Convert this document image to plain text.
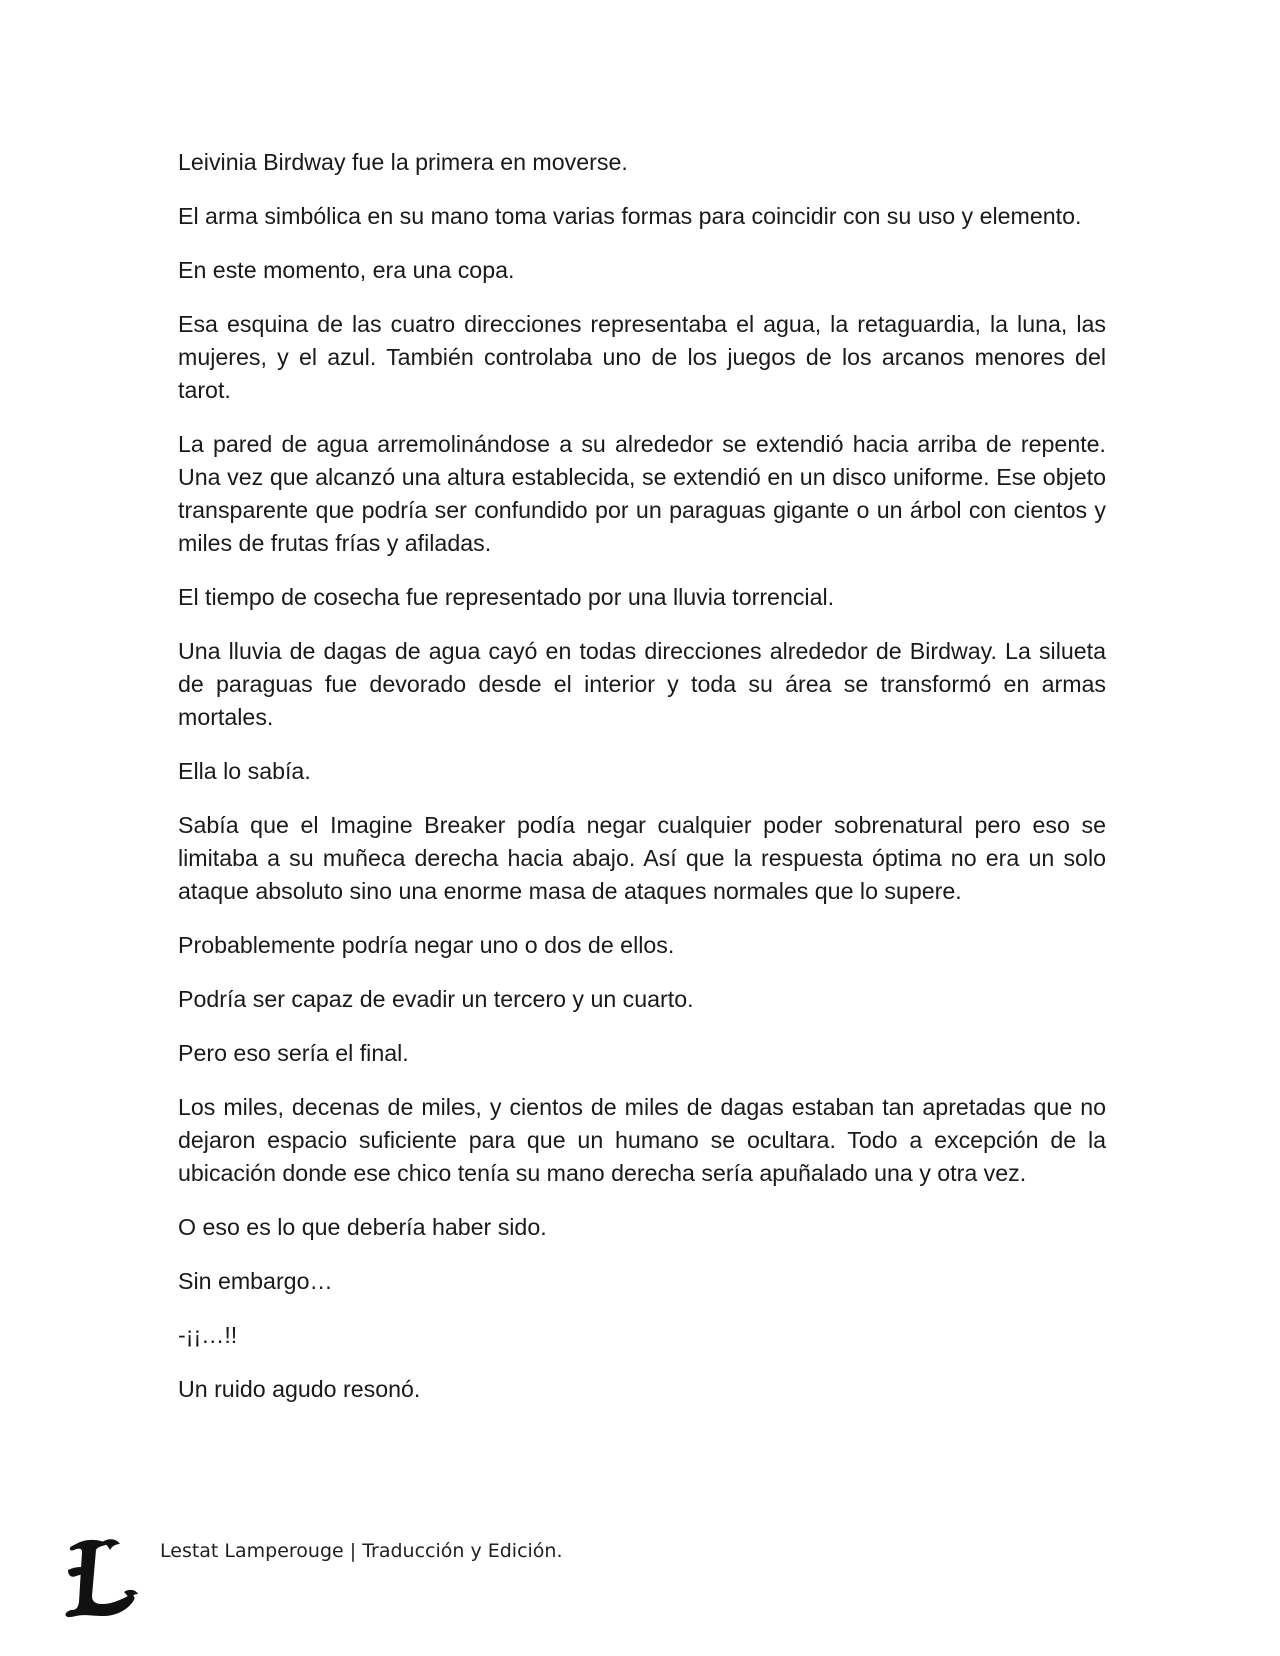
Leivinia Birdway fue la primera en moverse.

El arma simbólica en su mano toma varias formas para coincidir con su uso y elemento.

En este momento, era una copa.

Esa esquina de las cuatro direcciones representaba el agua, la retaguardia, la luna, las mujeres, y el azul. También controlaba uno de los juegos de los arcanos menores del tarot.

La pared de agua arremolinándose a su alrededor se extendió hacia arriba de repente. Una vez que alcanzó una altura establecida, se extendió en un disco uniforme. Ese objeto transparente que podría ser confundido por un paraguas gigante o un árbol con cientos y miles de frutas frías y afiladas.

El tiempo de cosecha fue representado por una lluvia torrencial.

Una lluvia de dagas de agua cayó en todas direcciones alrededor de Birdway. La silueta de paraguas fue devorado desde el interior y toda su área se transformó en armas mortales.

Ella lo sabía.

Sabía que el Imagine Breaker podía negar cualquier poder sobrenatural pero eso se limitaba a su muñeca derecha hacia abajo. Así que la respuesta óptima no era un solo ataque absoluto sino una enorme masa de ataques normales que lo supere.

Probablemente podría negar uno o dos de ellos.

Podría ser capaz de evadir un tercero y un cuarto.

Pero eso sería el final.

Los miles, decenas de miles, y cientos de miles de dagas estaban tan apretadas que no dejaron espacio suficiente para que un humano se ocultara. Todo a excepción de la ubicación donde ese chico tenía su mano derecha sería apuñalado una y otra vez.

O eso es lo que debería haber sido.

Sin embargo…

-¡¡…!!

Un ruido agudo resonó.

Lestat Lamperouge | Traducción y Edición.
